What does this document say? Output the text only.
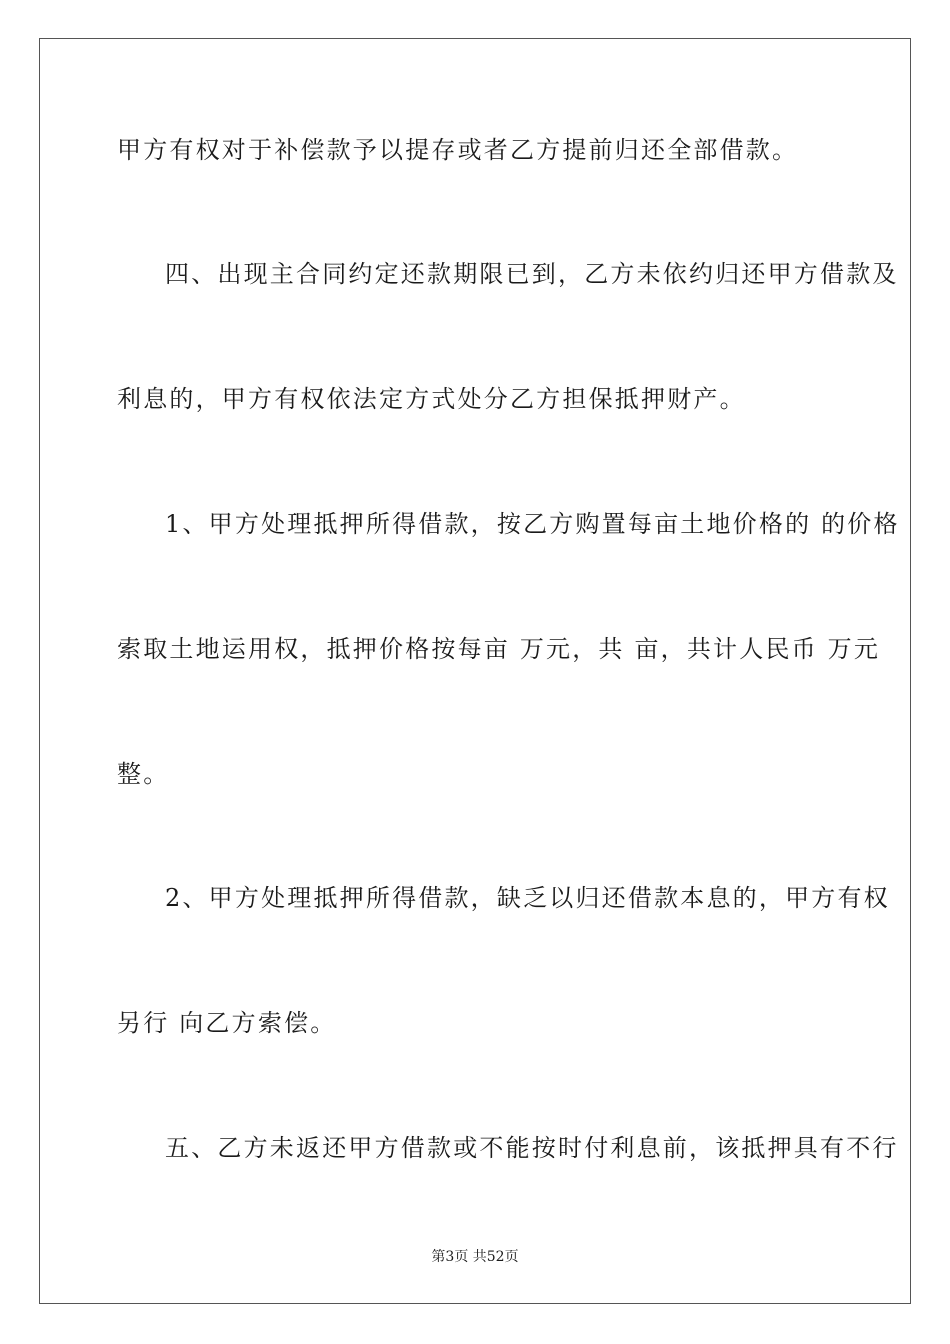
甲方有权对于补偿款予以提存或者乙方提前归还全部借款。

四、出现主合同约定还款期限已到，乙方未依约归还甲方借款及

利息的，甲方有权依法定方式处分乙方担保抵押财产。

1、甲方处理抵押所得借款，按乙方购置每亩土地价格的 的价格

索取土地运用权，抵押价格按每亩 万元，共 亩，共计人民币 万元

整。

2、甲方处理抵押所得借款，缺乏以归还借款本息的，甲方有权

另行 向乙方索偿。

五、乙方未返还甲方借款或不能按时付利息前，该抵押具有不行

第3页 共52页
